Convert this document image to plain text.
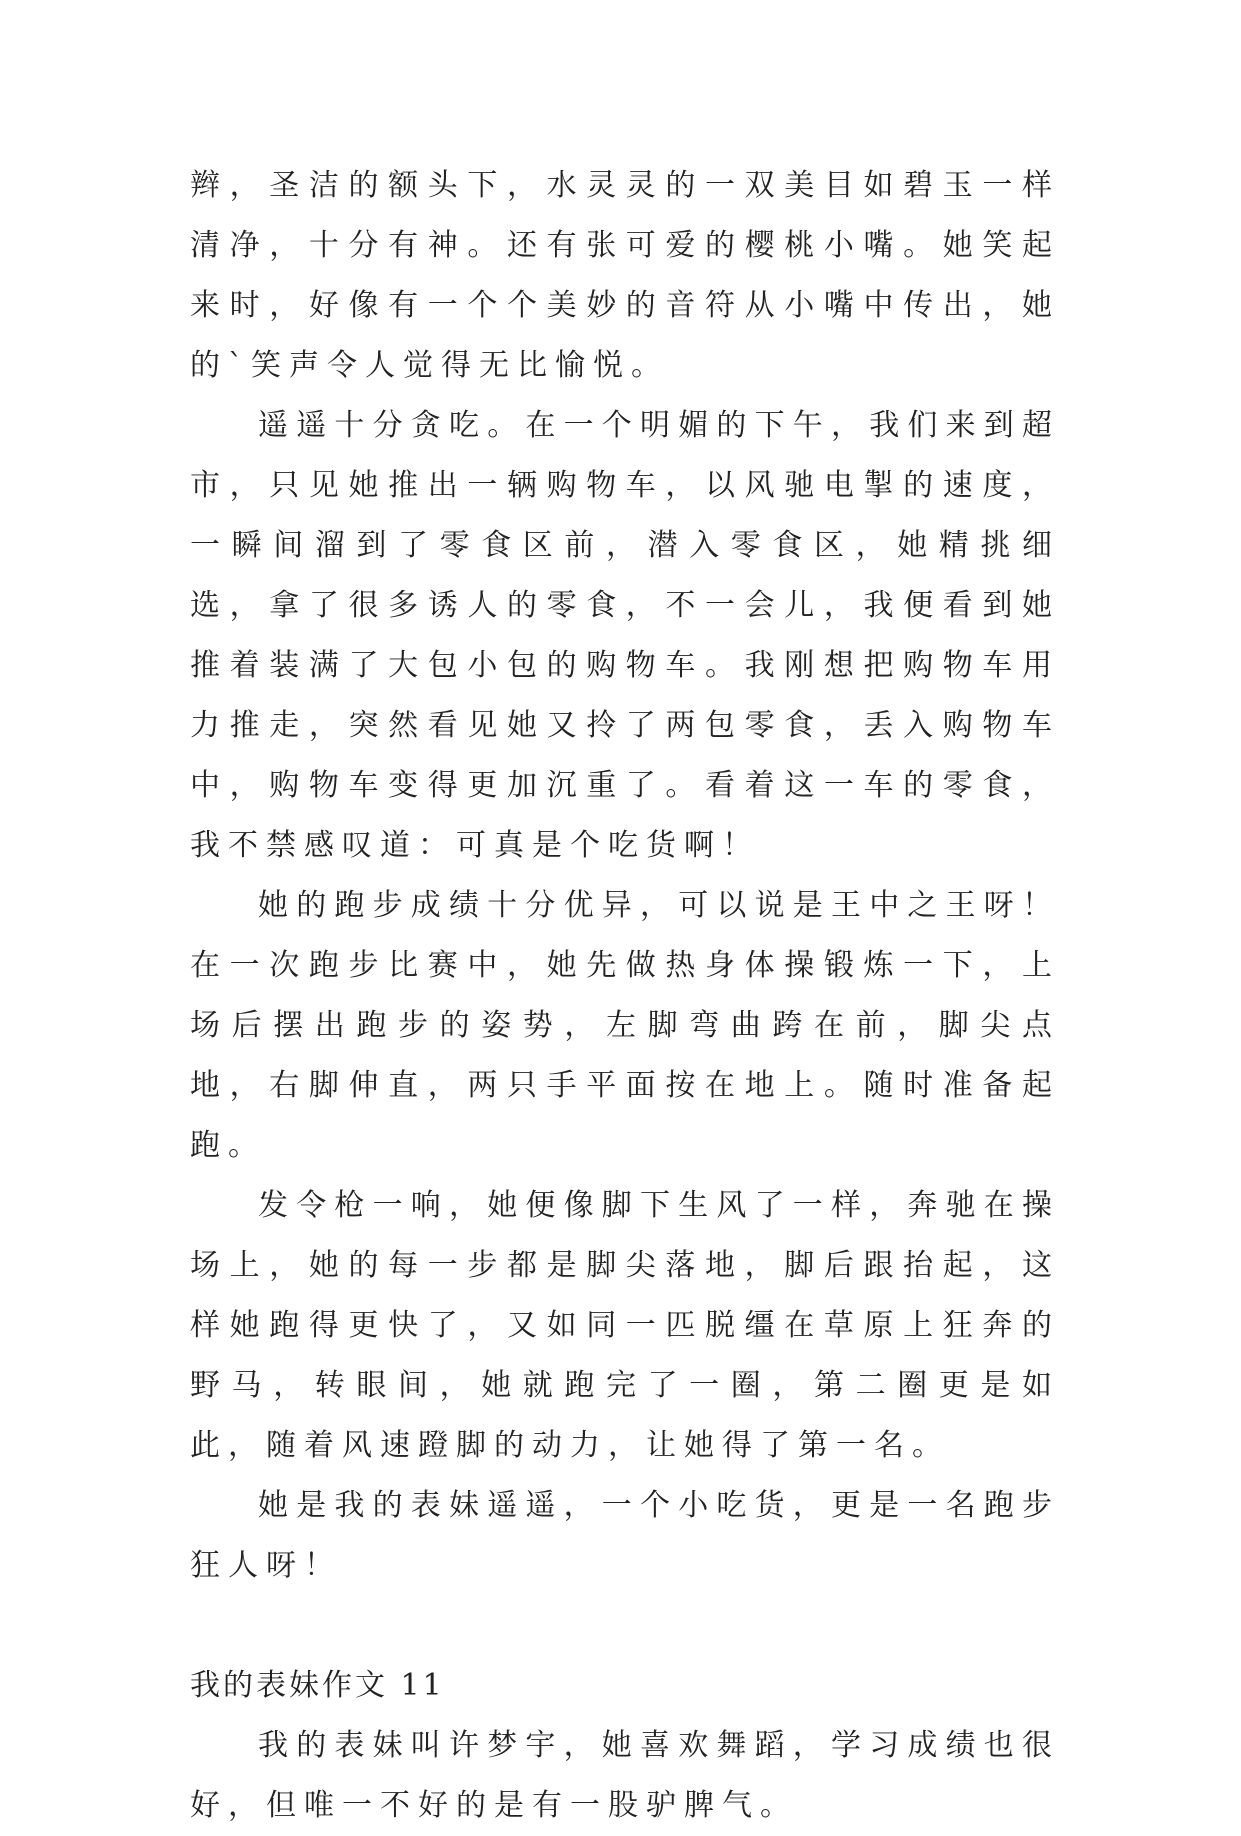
辫，圣洁的额头下，水灵灵的一双美目如碧玉一样清净，十分有神。还有张可爱的樱桃小嘴。她笑起来时，好像有一个个美妙的音符从小嘴中传出，她的`笑声令人觉得无比愉悦。

遥遥十分贪吃。在一个明媚的下午，我们来到超市，只见她推出一辆购物车，以风驰电掣的速度，一瞬间溜到了零食区前，潜入零食区，她精挑细选，拿了很多诱人的零食，不一会儿，我便看到她推着装满了大包小包的购物车。我刚想把购物车用力推走，突然看见她又拎了两包零食，丢入购物车中，购物车变得更加沉重了。看着这一车的零食，我不禁感叹道：可真是个吃货啊！

她的跑步成绩十分优异，可以说是王中之王呀！在一次跑步比赛中，她先做热身体操锻炼一下，上场后摆出跑步的姿势，左脚弯曲跨在前，脚尖点地，右脚伸直，两只手平面按在地上。随时准备起跑。

发令枪一响，她便像脚下生风了一样，奔驰在操场上，她的每一步都是脚尖落地，脚后跟抬起，这样她跑得更快了，又如同一匹脱缰在草原上狂奔的野马，转眼间，她就跑完了一圈，第二圈更是如此，随着风速蹬脚的动力，让她得了第一名。

她是我的表妹遥遥，一个小吃货，更是一名跑步狂人呀！

我的表妹作文 11

我的表妹叫许梦宇，她喜欢舞蹈，学习成绩也很好，但唯一不好的是有一股驴脾气。
